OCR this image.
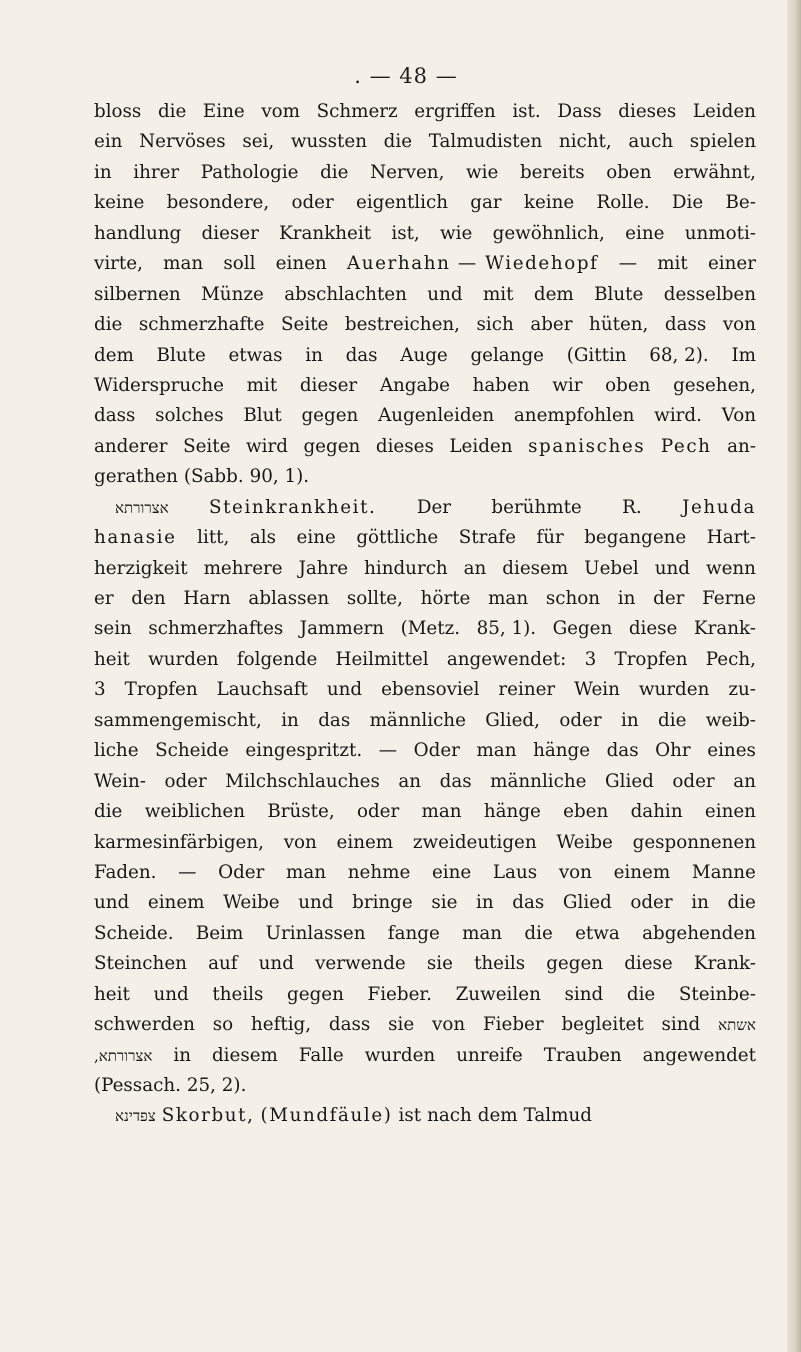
. — 48 —
bloss die Eine vom Schmerz ergriffen ist. Dass dieses Leiden
ein Nervöses sei, wussten die Talmudisten nicht, auch spielen
in ihrer Pathologie die Nerven, wie bereits oben erwähnt,
keine besondere, oder eigentlich gar keine Rolle. Die Be-
handlung dieser Krankheit ist, wie gewöhnlich, eine unmoti-
virte, man soll einen Auerhahn — Wiedehopf — mit einer
silbernen Münze abschlachten und mit dem Blute desselben
die schmerzhafte Seite bestreichen, sich aber hüten, dass von
dem Blute etwas in das Auge gelange (Gittin 68, 2). Im
Widerspruche mit dieser Angabe haben wir oben gesehen,
dass solches Blut gegen Augenleiden anempfohlen wird. Von
anderer Seite wird gegen dieses Leiden spanisches Pech an-
gerathen (Sabb. 90, 1).
אצרורתא Steinkrankheit. Der berühmte R. Jehuda
hanasie litt, als eine göttliche Strafe für begangene Hart-
herzigkeit mehrere Jahre hindurch an diesem Uebel und wenn
er den Harn ablassen sollte, hörte man schon in der Ferne
sein schmerzhaftes Jammern (Metz. 85, 1). Gegen diese Krank-
heit wurden folgende Heilmittel angewendet: 3 Tropfen Pech,
3 Tropfen Lauchsaft und ebensoviel reiner Wein wurden zu-
sammengemischt, in das männliche Glied, oder in die weib-
liche Scheide eingespritzt. — Oder man hänge das Ohr eines
Wein- oder Milchschlauches an das männliche Glied oder an
die weiblichen Brüste, oder man hänge eben dahin einen
karmesinfärbigen, von einem zweideutigen Weibe gesponnenen
Faden. — Oder man nehme eine Laus von einem Manne
und einem Weibe und bringe sie in das Glied oder in die
Scheide. Beim Urinlassen fange man die etwa abgehenden
Steinchen auf und verwende sie theils gegen diese Krank-
heit und theils gegen Fieber. Zuweilen sind die Steinbe-
schwerden so heftig, dass sie von Fieber begleitet sind אשתא
אצרורתא, in diesem Falle wurden unreife Trauben angewendet
(Pessach. 25, 2).
צפדינא Skorbut, (Mundfäule) ist nach dem Talmud
